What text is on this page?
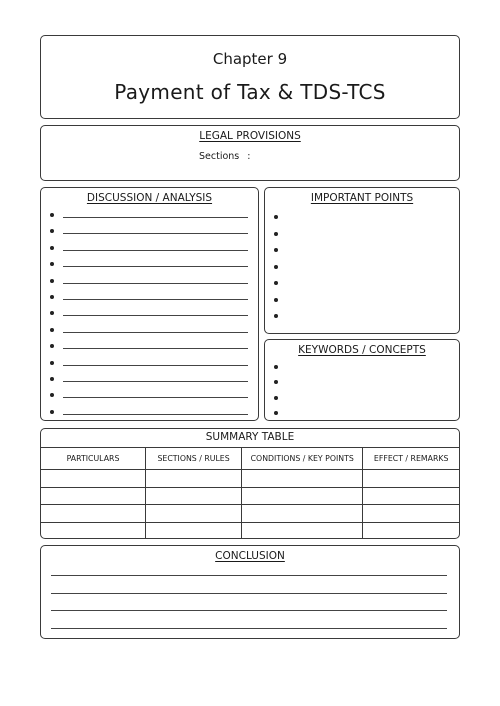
Chapter 9
Payment of Tax & TDS-TCS
LEGAL PROVISIONS
Sections :
DISCUSSION / ANALYSIS	IMPORTANT POINTS
KEYWORDS / CONCEPTS
SUMMARY TABLE
PARTICULARS	SECTIONS / RULES	CONDITIONS / KEY POINTS	EFFECT / REMARKS

CONCLUSION
